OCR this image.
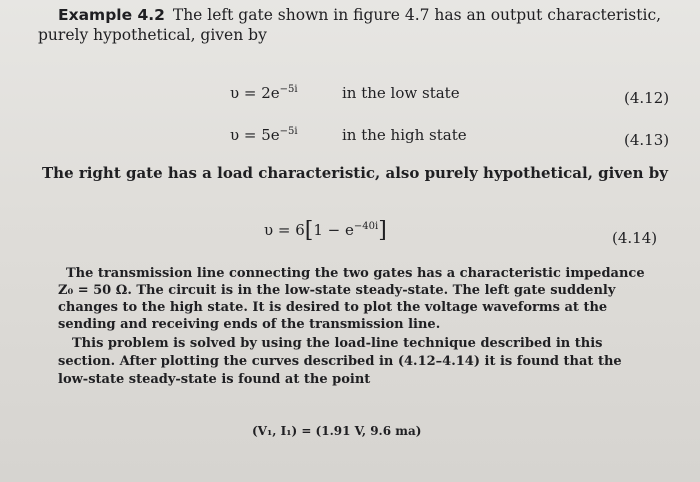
Example 4.2 The left gate shown in figure 4.7 has an output characteristic,
purely hypothetical, given by
$\upsilon = 2e^{-5i}$	in the low state	(4.12)
$\upsilon = 5e^{-5i}$	in the high state	(4.13)
The right gate has a load characteristic, also purely hypothetical, given by
$\upsilon = 6[1 - e^{-40i}]$	(4.14)
The transmission line connecting the two gates has a characteristic impedance
Z₀ = 50 Ω. The circuit is in the low-state steady-state. The left gate suddenly
changes to the high state. It is desired to plot the voltage waveforms at the
sending and receiving ends of the transmission line.
This problem is solved by using the load-line technique described in this
section. After plotting the curves described in (4.12–4.14) it is found that the
low-state steady-state is found at the point
(V₁, I₁) = (1.91 V, 9.6 ma)
